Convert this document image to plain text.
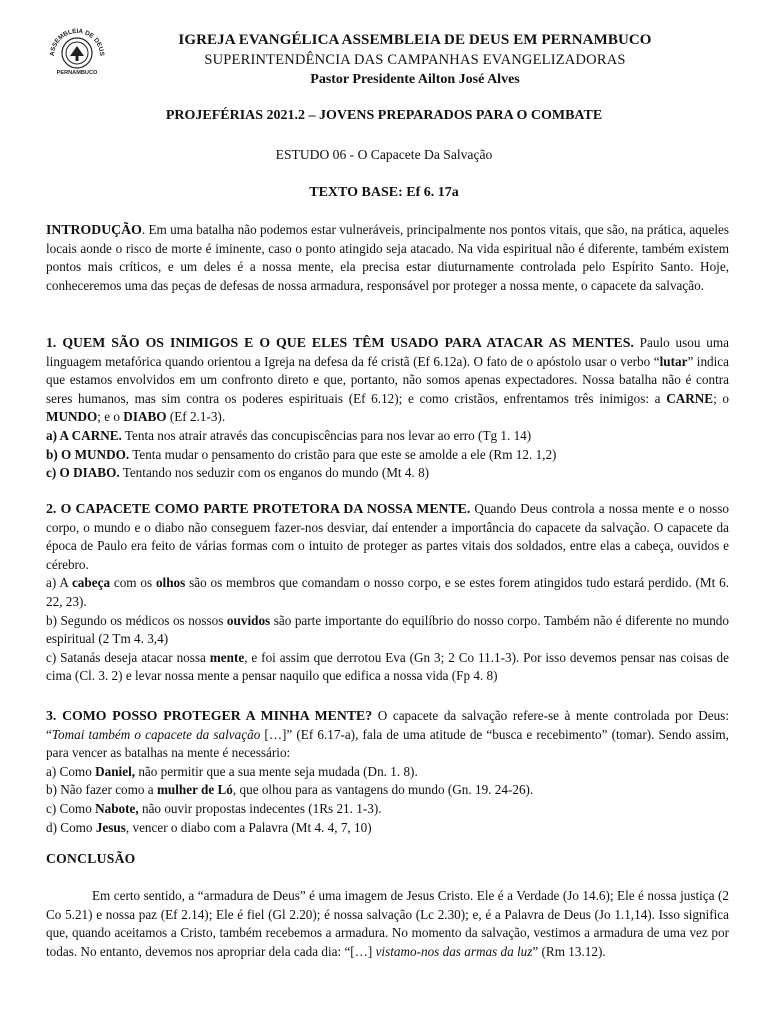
ASSEMBLEIA DE DEUS
PERNAMBUCO
IGREJA EVANGÉLICA ASSEMBLEIA DE DEUS EM PERNAMBUCO
SUPERINTENDÊNCIA DAS CAMPANHAS EVANGELIZADORAS
Pastor Presidente Ailton José Alves
PROJEFÉRIAS 2021.2 – JOVENS PREPARADOS PARA O COMBATE
ESTUDO 06 - O Capacete Da Salvação
TEXTO BASE: Ef 6. 17a
INTRODUÇÃO. Em uma batalha não podemos estar vulneráveis, principalmente nos pontos vitais, que são, na prática, aqueles locais aonde o risco de morte é iminente, caso o ponto atingido seja atacado. Na vida espiritual não é diferente, também existem pontos mais críticos, e um deles é a nossa mente, ela precisa estar diuturnamente controlada pelo Espírito Santo. Hoje, conheceremos uma das peças de defesas de nossa armadura, responsável por proteger a nossa mente, o capacete da salvação.
1. QUEM SÃO OS INIMIGOS E O QUE ELES TÊM USADO PARA ATACAR AS MENTES. Paulo usou uma linguagem metafórica quando orientou a Igreja na defesa da fé cristã (Ef 6.12a). O fato de o apóstolo usar o verbo “lutar” indica que estamos envolvidos em um confronto direto e que, portanto, não somos apenas expectadores. Nossa batalha não é contra seres humanos, mas sim contra os poderes espirituais (Ef 6.12); e como cristãos, enfrentamos três inimigos: a CARNE; o MUNDO; e o DIABO (Ef 2.1-3).
a) A CARNE. Tenta nos atrair através das concupiscências para nos levar ao erro (Tg 1. 14)
b) O MUNDO. Tenta mudar o pensamento do cristão para que este se amolde a ele (Rm 12. 1,2)
c) O DIABO. Tentando nos seduzir com os enganos do mundo (Mt 4. 8)
2. O CAPACETE COMO PARTE PROTETORA DA NOSSA MENTE. Quando Deus controla a nossa mente e o nosso corpo, o mundo e o diabo não conseguem fazer-nos desviar, daí entender a importância do capacete da salvação. O capacete da época de Paulo era feito de várias formas com o intuito de proteger as partes vitais dos soldados, entre elas a cabeça, ouvidos e cérebro.
a) A cabeça com os olhos são os membros que comandam o nosso corpo, e se estes forem atingidos tudo estará perdido. (Mt 6. 22, 23).
b) Segundo os médicos os nossos ouvidos são parte importante do equilíbrio do nosso corpo. Também não é diferente no mundo espiritual (2 Tm 4. 3,4)
c) Satanás deseja atacar nossa mente, e foi assim que derrotou Eva (Gn 3; 2 Co 11.1-3). Por isso devemos pensar nas coisas de cima (Cl. 3. 2) e levar nossa mente a pensar naquilo que edifica a nossa vida (Fp 4. 8)
3. COMO POSSO PROTEGER A MINHA MENTE? O capacete da salvação refere-se à mente controlada por Deus: “Tomai também o capacete da salvação […]” (Ef 6.17-a), fala de uma atitude de “busca e recebimento” (tomar). Sendo assim, para vencer as batalhas na mente é necessário:
a) Como Daniel, não permitir que a sua mente seja mudada (Dn. 1. 8).
b) Não fazer como a mulher de Ló, que olhou para as vantagens do mundo (Gn. 19. 24-26).
c) Como Nabote, não ouvir propostas indecentes (1Rs 21. 1-3).
d) Como Jesus, vencer o diabo com a Palavra (Mt 4. 4, 7, 10)
CONCLUSÃO
Em certo sentido, a “armadura de Deus” é uma imagem de Jesus Cristo. Ele é a Verdade (Jo 14.6); Ele é nossa justiça (2 Co 5.21) e nossa paz (Ef 2.14); Ele é fiel (Gl 2.20); é nossa salvação (Lc 2.30); e, é a Palavra de Deus (Jo 1.1,14). Isso significa que, quando aceitamos a Cristo, também recebemos a armadura. No momento da salvação, vestimos a armadura de uma vez por todas. No entanto, devemos nos apropriar dela cada dia: “[…] vistamo-nos das armas da luz” (Rm 13.12).
